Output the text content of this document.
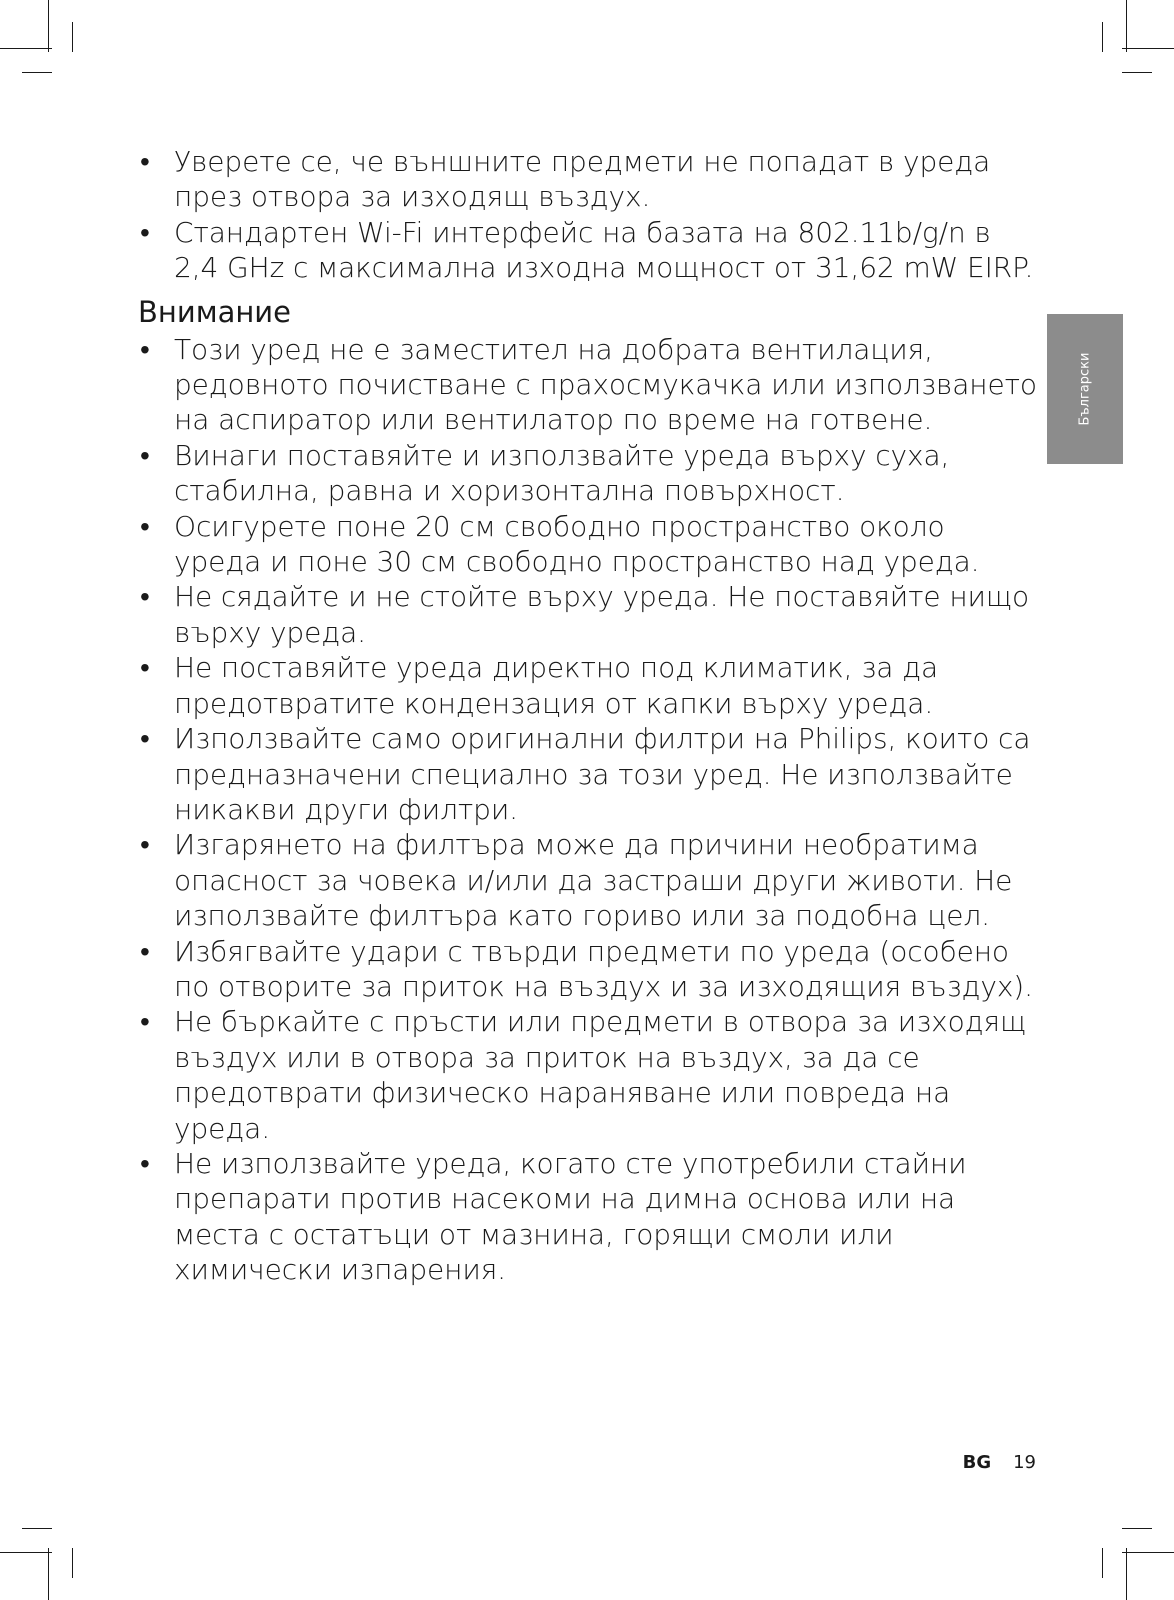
• Уверете се, че външните предмети не попадат в уреда през отвора за изходящ въздух.
• Стандартен Wi-Fi интерфейс на базата на 802.11b/g/n в 2,4 GHz с максимална изходна мощност от 31,62 mW EIRP.
Внимание
• Този уред не е заместител на добрата вентилация, редовното почистване с прахосмукачка или използването на аспиратор или вентилатор по време на готвене.
• Винаги поставяйте и използвайте уреда върху суха, стабилна, равна и хоризонтална повърхност.
• Осигурете поне 20 см свободно пространство около уреда и поне 30 см свободно пространство над уреда.
• Не сядайте и не стойте върху уреда. Не поставяйте нищо върху уреда.
• Не поставяйте уреда директно под климатик, за да предотвратите кондензация от капки върху уреда.
• Използвайте само оригинални филтри на Philips, които са предназначени специално за този уред. Не използвайте никакви други филтри.
• Изгарянето на филтъра може да причини необратима опасност за човека и/или да застраши други животи. Не използвайте филтъра като гориво или за подобна цел.
• Избягвайте удари с твърди предмети по уреда (особено по отворите за приток на въздух и за изходящия въздух).
• Не бъркайте с пръсти или предмети в отвора за изходящ въздух или в отвора за приток на въздух, за да се предотврати физическо нараняване или повреда на уреда.
• Не използвайте уреда, когато сте употребили стайни препарати против насекоми на димна основа или на места с остатъци от мазнина, горящи смоли или химически изпарения.
Български
BG 19
